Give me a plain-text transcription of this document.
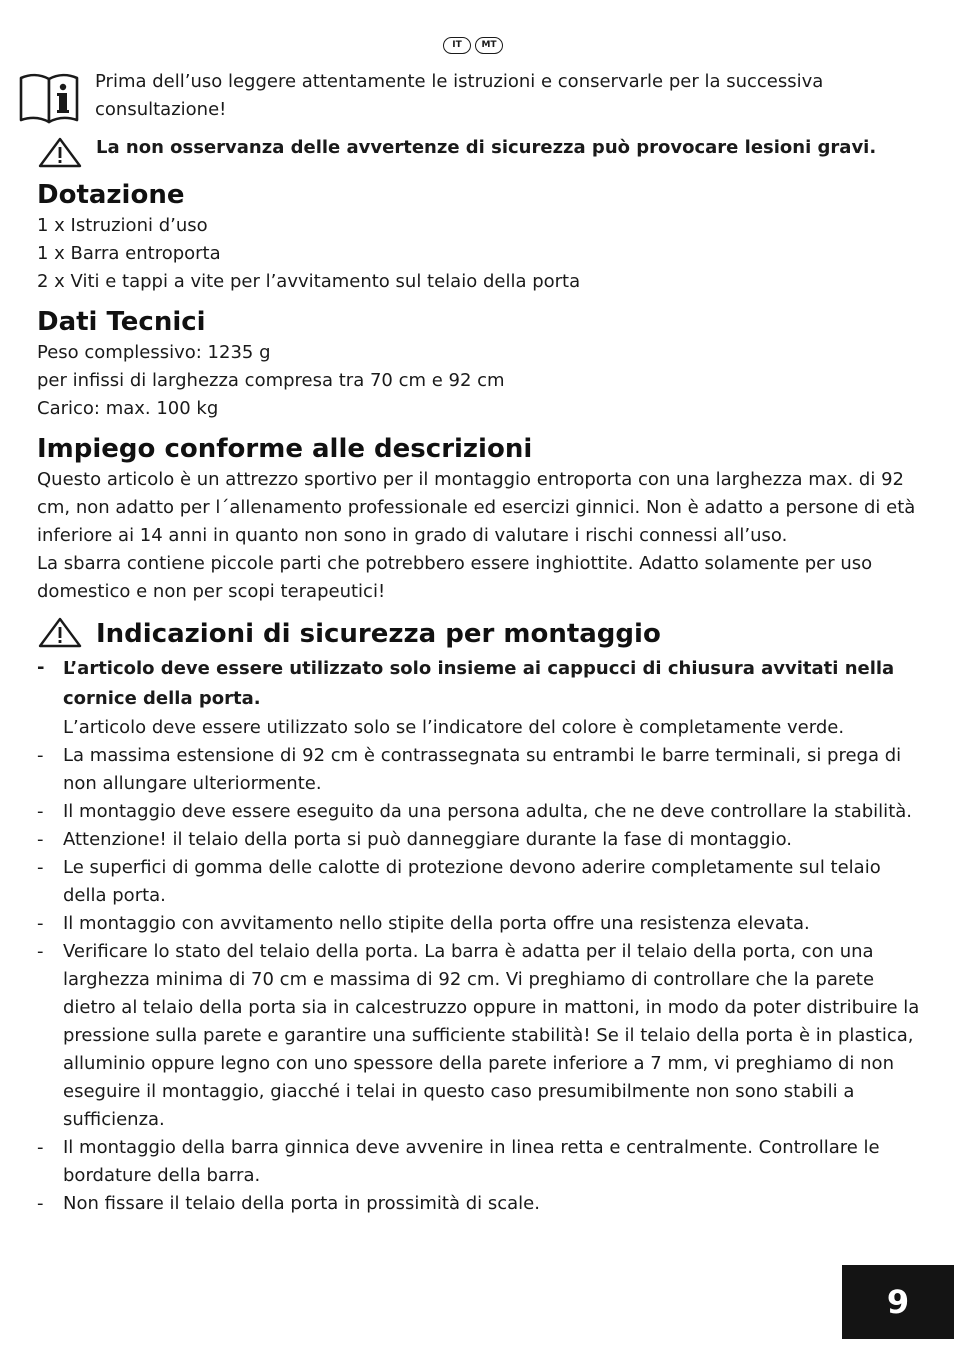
IT	MT
Prima dell’uso leggere attentamente le istruzioni e conservarle per la successiva consultazione!
La non osservanza delle avvertenze di sicurezza può provocare lesioni gravi.
Dotazione
1 x Istruzioni d’uso
1 x Barra entroporta
2 x Viti e tappi a vite per l’avvitamento sul telaio della porta
Dati Tecnici
Peso complessivo: 1235 g
per infissi di larghezza compresa tra 70 cm e 92 cm
Carico: max. 100 kg
Impiego conforme alle descrizioni
Questo articolo è un attrezzo sportivo per il montaggio entroporta con una larghezza max. di 92 cm, non adatto per l´allenamento professionale ed esercizi ginnici. Non è adatto a persone di età inferiore ai 14 anni in quanto non sono in grado di valutare i rischi connessi all’uso.
La sbarra contiene piccole parti che potrebbero essere inghiottite. Adatto solamente per uso domestico e non per scopi terapeutici!
Indicazioni di sicurezza per montaggio
- L’articolo deve essere utilizzato solo insieme ai cappucci di chiusura avvitati nella cornice della porta.
L’articolo deve essere utilizzato solo se l’indicatore del colore è completamente verde.
- La massima estensione di 92 cm è contrassegnata su entrambi le barre terminali, si prega di non allungare ulteriormente.
- Il montaggio deve essere eseguito da una persona adulta, che ne deve controllare la stabilità.
- Attenzione! il telaio della porta si può danneggiare durante la fase di montaggio.
- Le superfici di gomma delle calotte di protezione devono aderire completamente sul telaio della porta.
- Il montaggio con avvitamento nello stipite della porta offre una resistenza elevata.
- Verificare lo stato del telaio della porta. La barra è adatta per il telaio della porta, con una larghezza minima di 70 cm e massima di 92 cm. Vi preghiamo di controllare che la parete dietro al telaio della porta sia in calcestruzzo oppure in mattoni, in modo da poter distribuire la pressione sulla parete e garantire una sufficiente stabilità! Se il telaio della porta è in plastica, alluminio oppure legno con uno spessore della parete inferiore a 7 mm, vi preghiamo di non eseguire il montaggio, giacché i telai in questo caso presumibilmente non sono stabili a sufficienza.
- Il montaggio della barra ginnica deve avvenire in linea retta e centralmente. Controllare le bordature della barra.
- Non fissare il telaio della porta in prossimità di scale.
9
